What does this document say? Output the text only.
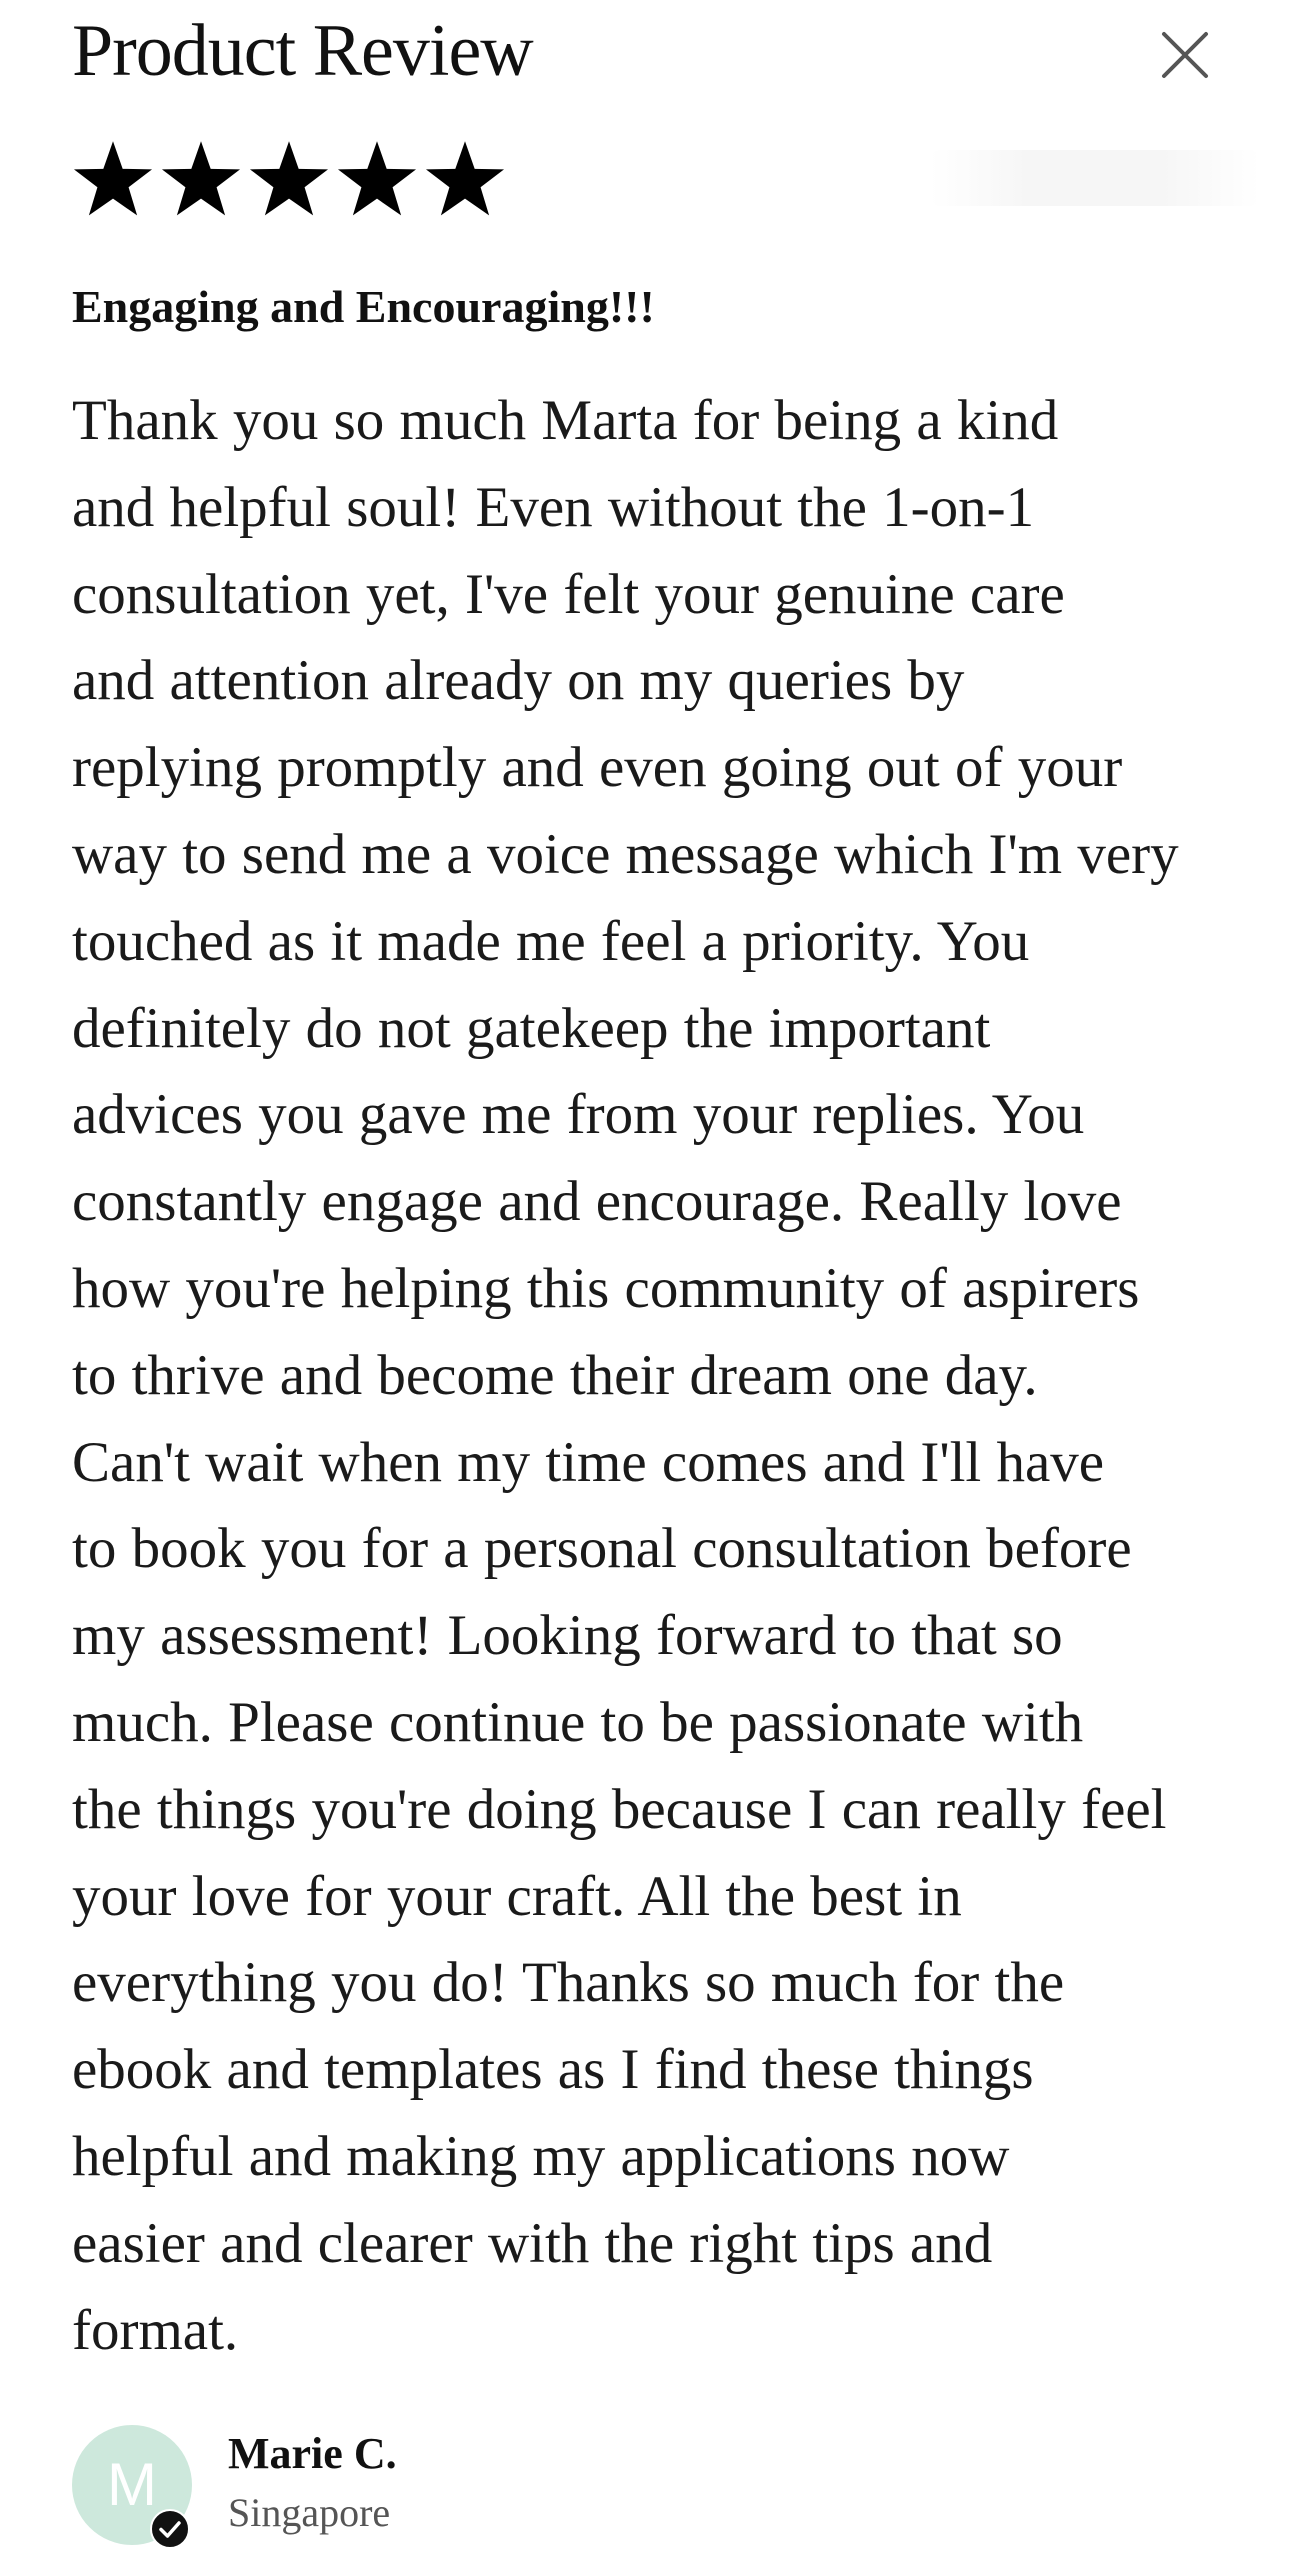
Product Review
Engaging and Encouraging!!!

Thank you so much Marta for being a kind
and helpful soul! Even without the 1-on-1
consultation yet, I've felt your genuine care
and attention already on my queries by
replying promptly and even going out of your
way to send me a voice message which I'm very
touched as it made me feel a priority. You
definitely do not gatekeep the important
advices you gave me from your replies. You
constantly engage and encourage. Really love
how you're helping this community of aspirers
to thrive and become their dream one day.
Can't wait when my time comes and I'll have
to book you for a personal consultation before
my assessment! Looking forward to that so
much. Please continue to be passionate with
the things you're doing because I can really feel
your love for your craft. All the best in
everything you do! Thanks so much for the
ebook and templates as I find these things
helpful and making my applications now
easier and clearer with the right tips and
format.

M	Marie C.
Singapore
